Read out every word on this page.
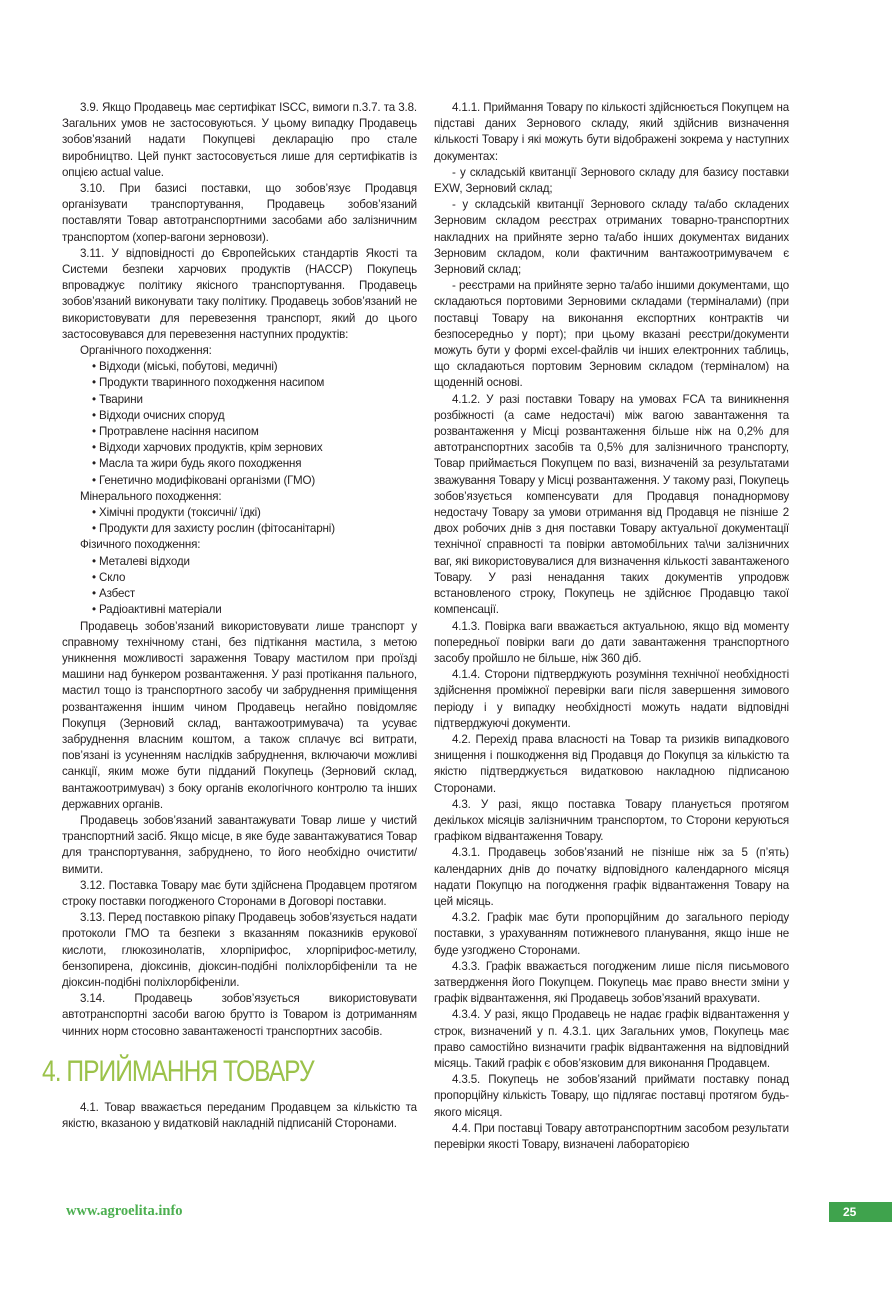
3.9. Якщо Продавець має сертифікат ISCC, вимоги п.3.7. та 3.8. Загальних умов не застосовуються. У цьому випадку Продавець зобов’язаний надати Покупцеві декларацію про стале виробництво. Цей пункт застосовується лише для сертифікатів із опцією actual value.

3.10. При базисі поставки, що зобов’язує Продавця організувати транспортування, Продавець зобов’язаний поставляти Товар автотранспортними засобами або залізничним транспортом (хопер-вагони зерновози).

3.11. У відповідності до Європейських стандартів Якості та Системи безпеки харчових продуктів (HACCP) Покупець впроваджує політику якісного транспортування. Продавець зобов’язаний виконувати таку політику. Продавець зобов’язаний не використовувати для перевезення транспорт, який до цього застосовувався для перевезення наступних продуктів:

Органічного походження:

• Відходи (міські, побутові, медичні)

• Продукти тваринного походження насипом

• Тварини

• Відходи очисних споруд

• Протравлене насіння насипом

• Відходи харчових продуктів, крім зернових

• Масла та жири будь якого походження

• Генетично модифіковані організми (ГМО)

Мінерального походження:

• Хімічні продукти (токсичні/ їдкі)

• Продукти для захисту рослин (фітосанітарні)

Фізичного походження:

• Металеві відходи

• Скло

• Азбест

• Радіоактивні матеріали

Продавець зобов’язаний використовувати лише транспорт у справному технічному стані, без підтікання мастила, з метою уникнення можливості зараження Товару мастилом при проїзді машини над бункером розвантаження. У разі протікання пального, мастил тощо із транспортного засобу чи забруднення приміщення розвантаження іншим чином Продавець негайно повідомляє Покупця (Зерновий склад, вантажоотримувача) та усуває забруднення власним коштом, а також сплачує всі витрати, пов’язані із усуненням наслідків забруднення, включаючи можливі санкції, яким може бути підданий Покупець (Зерновий склад, вантажоотримувач) з боку органів екологічного контролю та інших державних органів.

Продавець зобов’язаний завантажувати Товар лише у чистий транспортний засіб. Якщо місце, в яке буде завантажуватися Товар для транспортування, забруднено, то його необхідно очистити/вимити.

3.12. Поставка Товару має бути здійснена Продавцем протягом строку поставки погодженого Сторонами в Договорі поставки.

3.13. Перед поставкою ріпаку Продавець зобов’язується надати протоколи ГМО та безпеки з вказанням показників ерукової кислоти, глюкозинолатів, хлорпірифос, хлорпірифос-метилу, бензопирена, діоксинів, діоксин-подібні поліхлорбіфеніли та не діоксин-подібні поліхлорбіфеніли.

3.14. Продавець зобов’язується використовувати автотранспортні засоби вагою брутто із Товаром із дотриманням чинних норм стосовно завантаженості транспортних засобів.

4. ПРИЙМАННЯ ТОВАРУ

4.1. Товар вважається переданим Продавцем за кількістю та якістю, вказаною у видатковій накладній підписаній Сторонами.

4.1.1. Приймання Товару по кількості здійснюється Покупцем на підставі даних Зернового складу, який здійснив визначення кількості Товару і які можуть бути відображені зокрема у наступних документах:

- у складській квитанції Зернового складу для базису поставки EXW, Зерновий склад;

- у складській квитанції Зернового складу та/або складених Зерновим складом реєстрах отриманих товарно-транспортних накладних на прийняте зерно та/або інших документах виданих Зерновим складом, коли фактичним вантажоотримувачем є Зерновий склад;

- реєстрами на прийняте зерно та/або іншими документами, що складаються портовими Зерновими складами (терміналами) (при поставці Товару на виконання експортних контрактів чи безпосередньо у порт); при цьому вказані реєстри/документи можуть бути у формі excel-файлів чи інших електронних таблиць, що складаються портовим Зерновим складом (терміналом) на щоденній основі.

4.1.2. У разі поставки Товару на умовах FCA та виникнення розбіжності (а саме недостачі) між вагою завантаження та розвантаження у Місці розвантаження більше ніж на 0,2% для автотранспортних засобів та 0,5% для залізничного транспорту, Товар приймається Покупцем по вазі, визначеній за результатами зважування Товару у Місці розвантаження. У такому разі, Покупець зобов’язується компенсувати для Продавця понаднормову недостачу Товару за умови отримання від Продавця не пізніше 2 двох робочих днів з дня поставки Товару актуальної документації технічної справності та повірки автомобільних та\чи залізничних ваг, які використовувалися для визначення кількості завантаженого Товару. У разі ненадання таких документів упродовж встановленого строку, Покупець не здійснює Продавцю такої компенсації.

4.1.3. Повірка ваги вважається актуальною, якщо від моменту попередньої повірки ваги до дати завантаження транспортного засобу пройшло не більше, ніж 360 діб.

4.1.4. Сторони підтверджують розуміння технічної необхідності здійснення проміжної перевірки ваги після завершення зимового періоду і у випадку необхідності можуть надати відповідні підтверджуючі документи.

4.2. Перехід права власності на Товар та ризиків випадкового знищення і пошкодження від Продавця до Покупця за кількістю та якістю підтверджується видатковою накладною підписаною Сторонами.

4.3. У разі, якщо поставка Товару планується протягом декількох місяців залізничним транспортом, то Сторони керуються графіком відвантаження Товару.

4.3.1. Продавець зобов’язаний не пізніше ніж за 5 (п’ять) календарних днів до початку відповідного календарного місяця надати Покупцю на погодження графік відвантаження Товару на цей місяць.

4.3.2. Графік має бути пропорційним до загального періоду поставки, з урахуванням потижневого планування, якщо інше не буде узгоджено Сторонами.

4.3.3. Графік вважається погодженим лише після письмового затвердження його Покупцем. Покупець має право внести зміни у графік відвантаження, які Продавець зобов’язаний врахувати.

4.3.4. У разі, якщо Продавець не надає графік відвантаження у строк, визначений у п. 4.3.1. цих Загальних умов, Покупець має право самостійно визначити графік відвантаження на відповідний місяць. Такий графік є обов’язковим для виконання Продавцем.

4.3.5. Покупець не зобов’язаний приймати поставку понад пропорційну кількість Товару, що підлягає поставці протягом будь-якого місяця.

4.4. При поставці Товару автотранспортним засобом результати перевірки якості Товару, визначені лабораторією

www.agroelita.info	25
